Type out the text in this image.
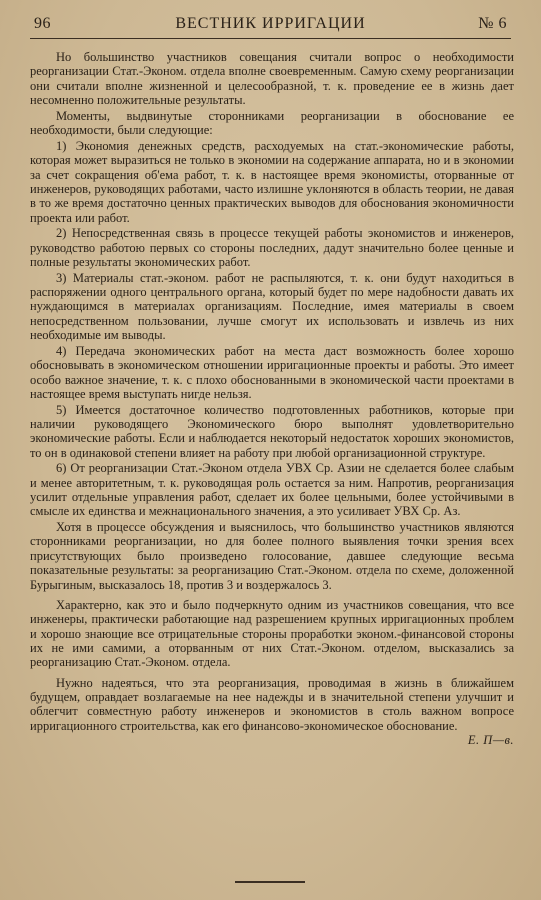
96	ВЕСТНИК ИРРИГАЦИИ	№ 6

Но большинство участников совещания считали вопрос о необходимости реорганизации Стат.-Эконом. отдела вполне своевременным. Самую схему реорганизации они считали вполне жизненной и целесообразной, т. к. проведение ее в жизнь дает несомненно положительные результаты.

Моменты, выдвинутые сторонниками реорганизации в обоснование ее необходимости, были следующие:

1) Экономия денежных средств, расходуемых на стат.-экономические работы, которая может выразиться не только в экономии на содержание аппарата, но и в экономии за счет сокращения об'ема работ, т. к. в настоящее время экономисты, оторванные от инженеров, руководящих работами, часто излишне уклоняются в область теории, не давая в то же время достаточно ценных практических выводов для обоснования экономичности проекта или работ.

2) Непосредственная связь в процессе текущей работы экономистов и инженеров, руководство работою первых со стороны последних, дадут значительно более ценные и полные результаты экономических работ.

3) Материалы стат.-эконом. работ не распыляются, т. к. они будут находиться в распоряжении одного центрального органа, который будет по мере надобности давать их нуждающимся в материалах организациям. Последние, имея материалы в своем непосредственном пользовании, лучше смогут их использовать и извлечь из них необходимые им выводы.

4) Передача экономических работ на места даст возможность более хорошо обосновывать в экономическом отношении ирригационные проекты и работы. Это имеет особо важное значение, т. к. с плохо обоснованными в экономической части проектами в настоящее время выступать нигде нельзя.

5) Имеется достаточное количество подготовленных работников, которые при наличии руководящего Экономического бюро выполнят удовлетворительно экономические работы. Если и наблюдается некоторый недостаток хороших экономистов, то он в одинаковой степени влияет на работу при любой организационной структуре.

6) От реорганизации Стат.-Эконом отдела УВХ Ср. Азии не сделается более слабым и менее авторитетным, т. к. руководящая роль остается за ним. Напротив, реорганизация усилит отдельные управления работ, сделает их более цельными, более устойчивыми в смысле их единства и межнационального значения, а это усиливает УВХ Ср. Аз.

Хотя в процессе обсуждения и выяснилось, что большинство участников являются сторонниками реорганизации, но для более полного выявления точки зрения всех присутствующих было произведено голосование, давшее следующие весьма показательные результаты: за реорганизацию Стат.-Эконом. отдела по схеме, доложенной Бурыгиным, высказалось 18, против 3 и воздержалось 3.

Характерно, как это и было подчеркнуто одним из участников совещания, что все инженеры, практически работающие над разрешением крупных ирригационных проблем и хорошо знающие все отрицательные стороны проработки эконом.-финансовой стороны их не ими самими, а оторванным от них Стат.-Эконом. отделом, высказались за реорганизацию Стат.-Эконом. отдела.

Нужно надеяться, что эта реорганизация, проводимая в жизнь в ближайшем будущем, оправдает возлагаемые на нее надежды и в значительной степени улучшит и облегчит совместную работу инженеров и экономистов в столь важном вопросе ирригационного строительства, как его финансово-экономическое обоснование.
Е. П—в.
